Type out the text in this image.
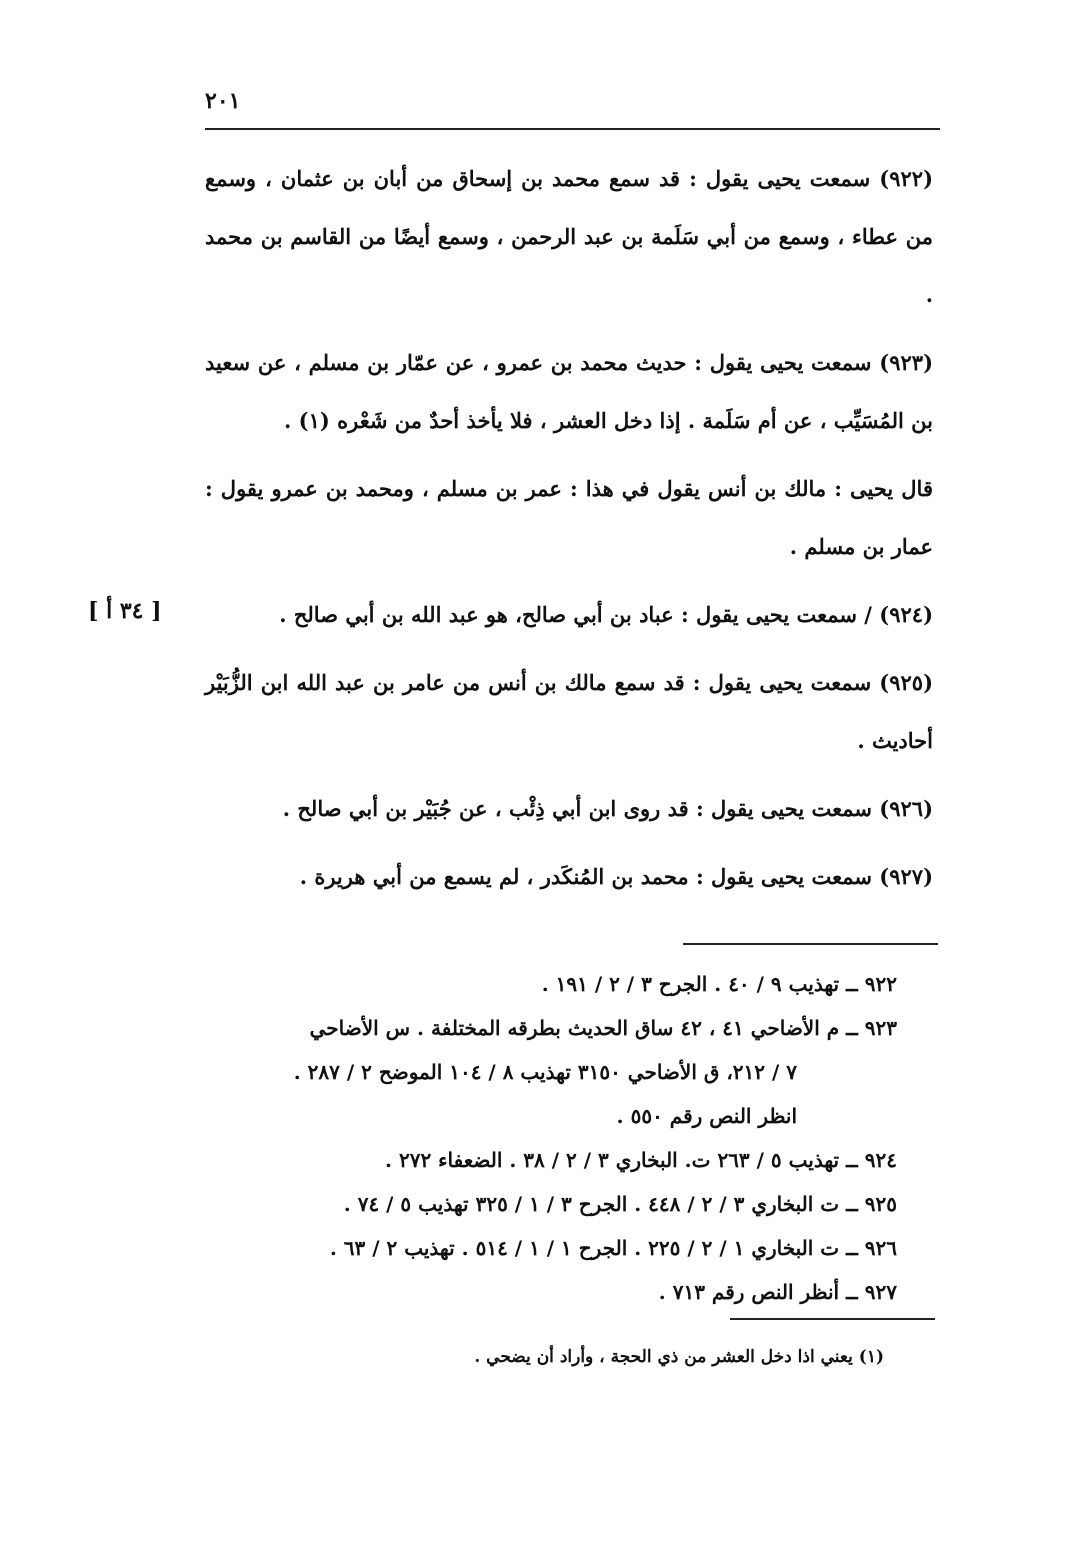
٢٠١
[ ٣٤ أ ]

(٩٢٢) سمعت يحيى يقول : قد سمع محمد بن إسحاق من أبان بن عثمان ، وسمع من عطاء ، وسمع من أبي سَلَمة بن عبد الرحمن ، وسمع أيضًا من القاسم بن محمد .

(٩٢٣) سمعت يحيى يقول : حديث محمد بن عمرو ، عن عمّار بن مسلم ، عن سعيد بن المُسَيِّب ، عن أم سَلَمة . إذا دخل العشر ، فلا يأخذ أحدٌ من شَعْره (١) .

قال يحيى : مالك بن أنس يقول في هذا : عمر بن مسلم ، ومحمد بن عمرو يقول : عمار بن مسلم .

(٩٢٤) / سمعت يحيى يقول : عباد بن أبي صالح، هو عبد الله بن أبي صالح .

(٩٢٥) سمعت يحيى يقول : قد سمع مالك بن أنس من عامر بن عبد الله ابن الزُّبَيْر أحاديث .

(٩٢٦) سمعت يحيى يقول : قد روى ابن أبي ذِئْب ، عن جُبَيْر بن أبي صالح .

(٩٢٧) سمعت يحيى يقول : محمد بن المُنكَدر ، لم يسمع من أبي هريرة .

٩٢٢ ــ تهذيب ٩ / ٤٠ . الجرح ٣ / ٢ / ١٩١ .

٩٢٣ ــ م الأضاحي ٤١ ، ٤٢ ساق الحديث بطرقه المختلفة . س الأضاحي

٧ / ٢١٢، ق الأضاحي ٣١٥٠ تهذيب ٨ / ١٠٤ الموضح ٢ / ٢٨٧ .

انظر النص رقم ٥٥٠ .

٩٢٤ ــ تهذيب ٥ / ٢٦٣ ت. البخاري ٣ / ٢ / ٣٨ . الضعفاء ٢٧٢ .

٩٢٥ ــ ت البخاري ٣ / ٢ / ٤٤٨ . الجرح ٣ / ١ / ٣٢٥ تهذيب ٥ / ٧٤ .

٩٢٦ ــ ت البخاري ١ / ٢ / ٢٢٥ . الجرح ١ / ١ / ٥١٤ . تهذيب ٢ / ٦٣ .

٩٢٧ ــ أنظر النص رقم ٧١٣ .

(١) يعني اذا دخل العشر من ذي الحجة ، وأراد أن يضحي .
